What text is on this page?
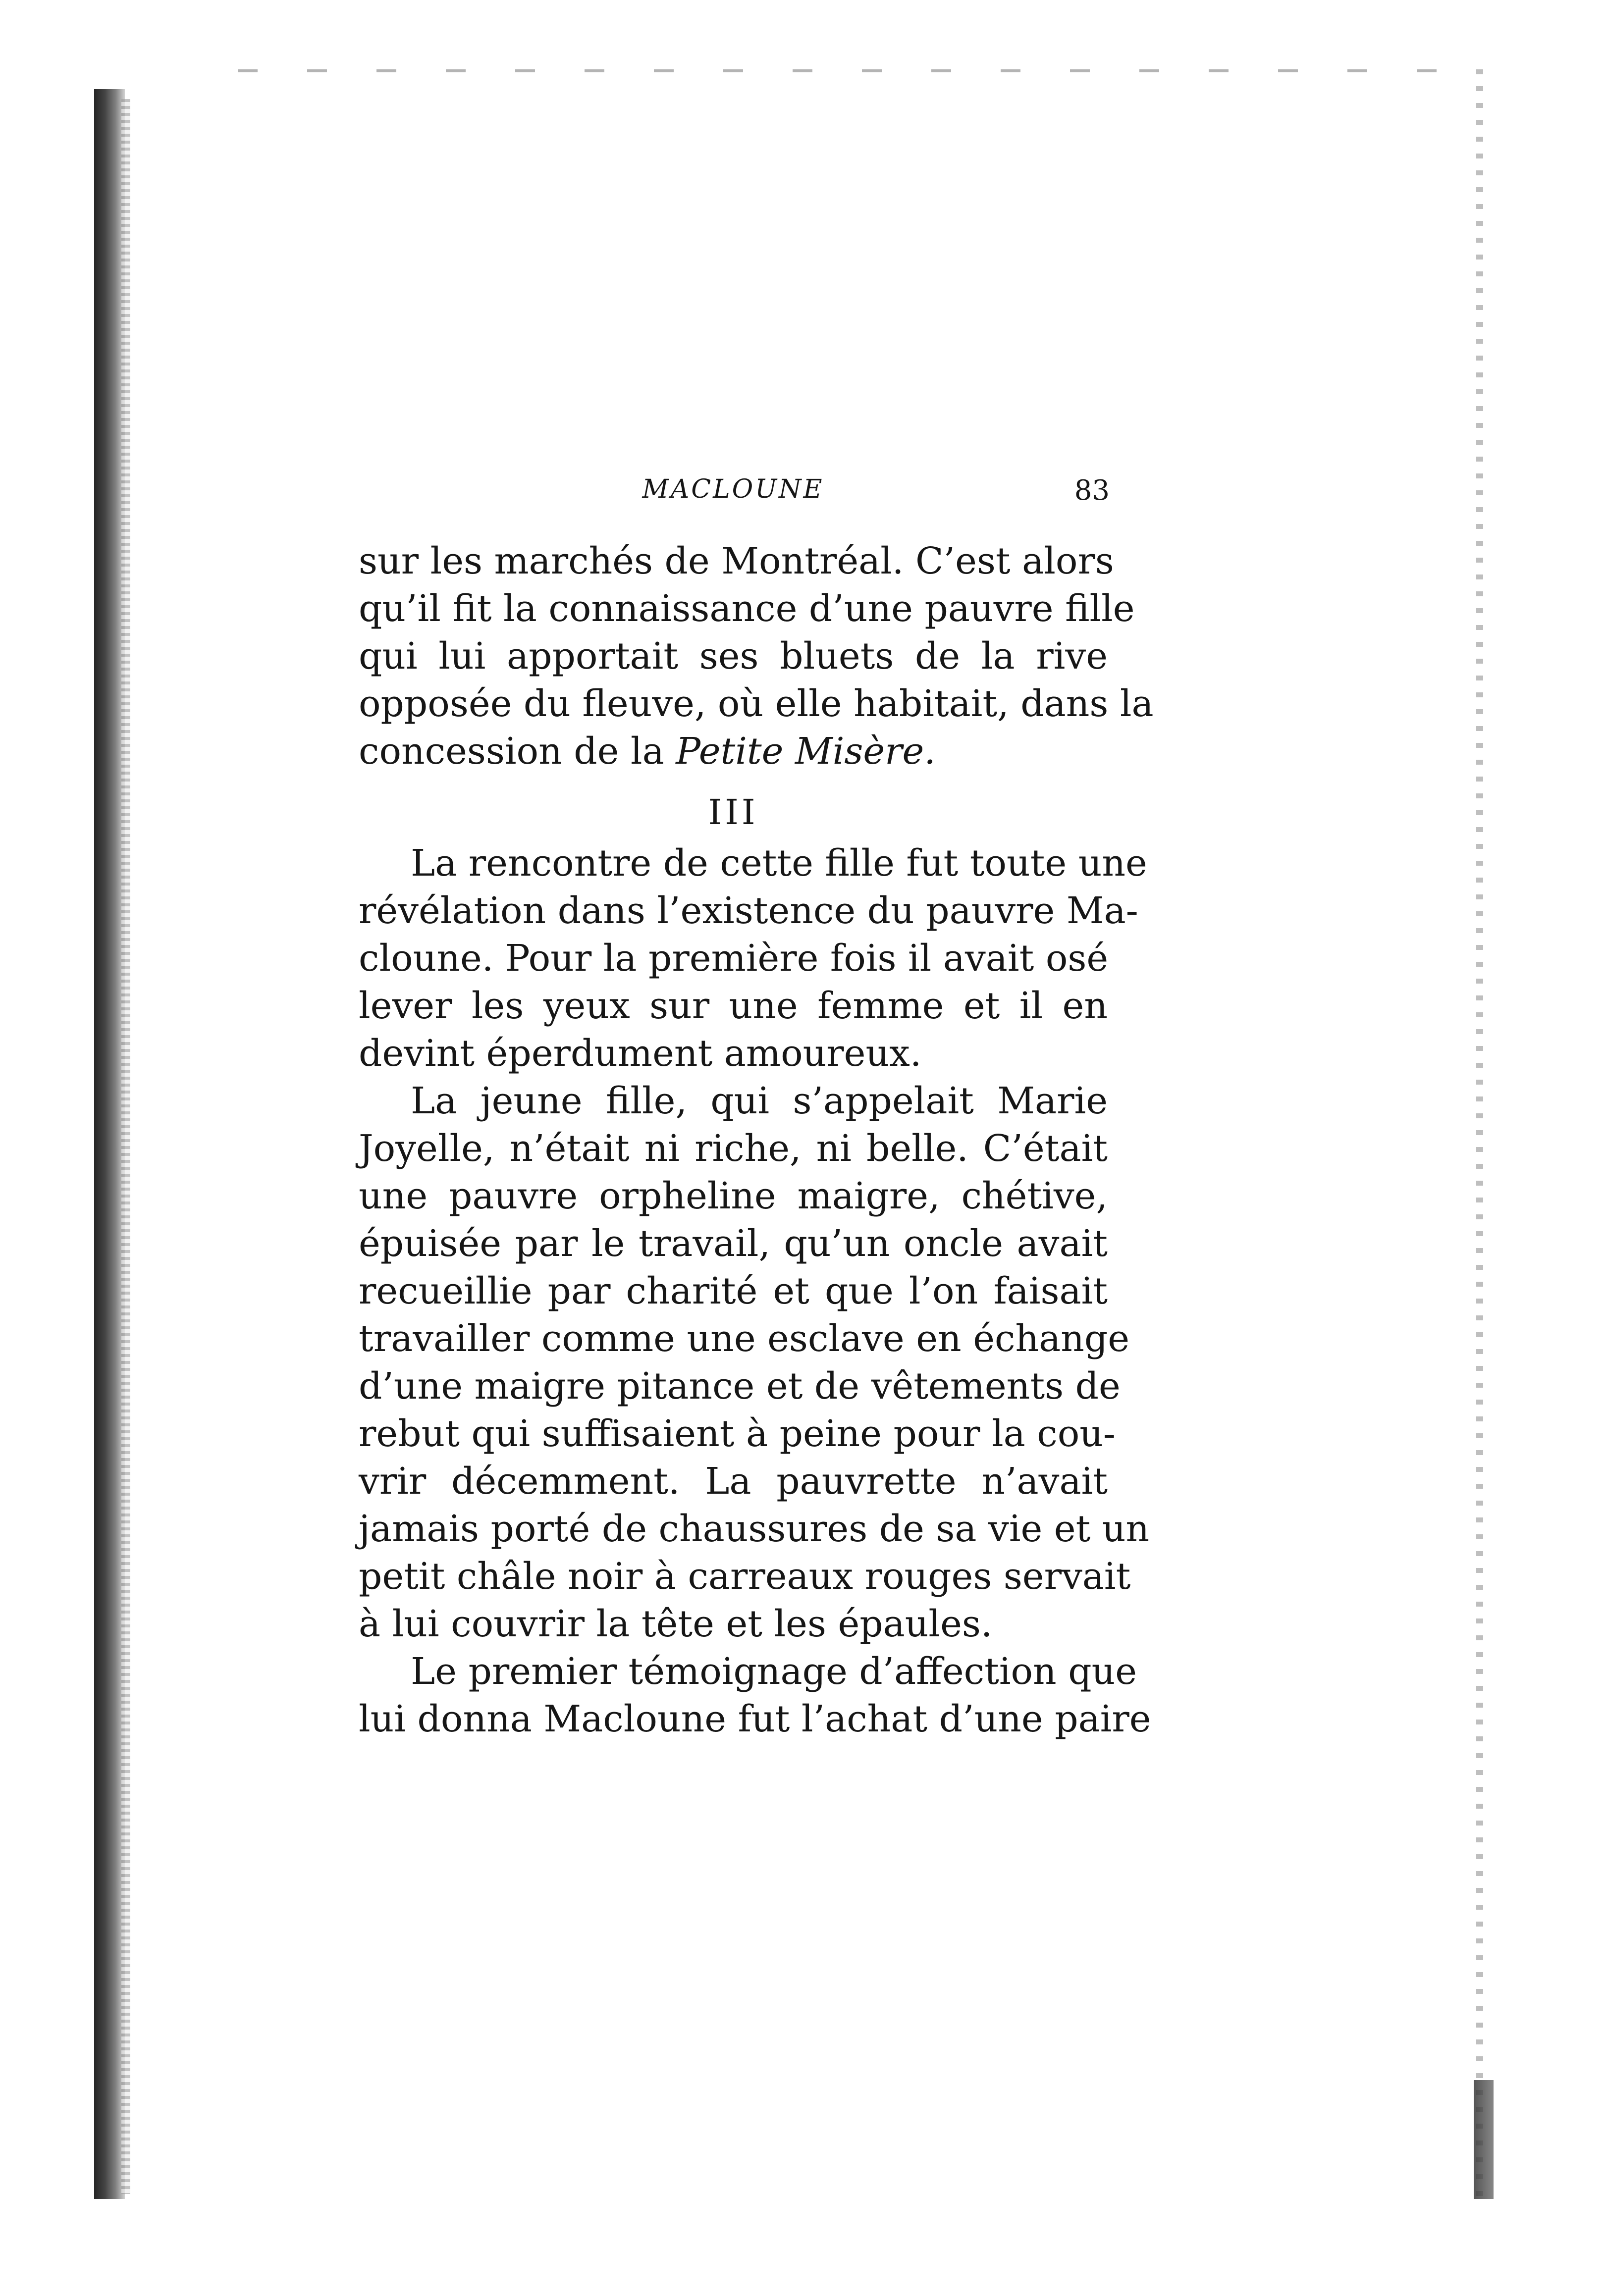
MACLOUNE	83
sur les marchés de Montréal. C’est alors
qu’il fit la connaissance d’une pauvre fille
qui lui apportait ses bluets de la rive
opposée du fleuve, où elle habitait, dans la
concession de la Petite Misère.
III
La rencontre de cette fille fut toute une
révélation dans l’existence du pauvre Ma-
cloune. Pour la première fois il avait osé
lever les yeux sur une femme et il en
devint éperdument amoureux.
La jeune fille, qui s’appelait Marie
Joyelle, n’était ni riche, ni belle. C’était
une pauvre orpheline maigre, chétive,
épuisée par le travail, qu’un oncle avait
recueillie par charité et que l’on faisait
travailler comme une esclave en échange
d’une maigre pitance et de vêtements de
rebut qui suffisaient à peine pour la cou-
vrir décemment. La pauvrette n’avait
jamais porté de chaussures de sa vie et un
petit châle noir à carreaux rouges servait
à lui couvrir la tête et les épaules.
Le premier témoignage d’affection que
lui donna Macloune fut l’achat d’une paire
